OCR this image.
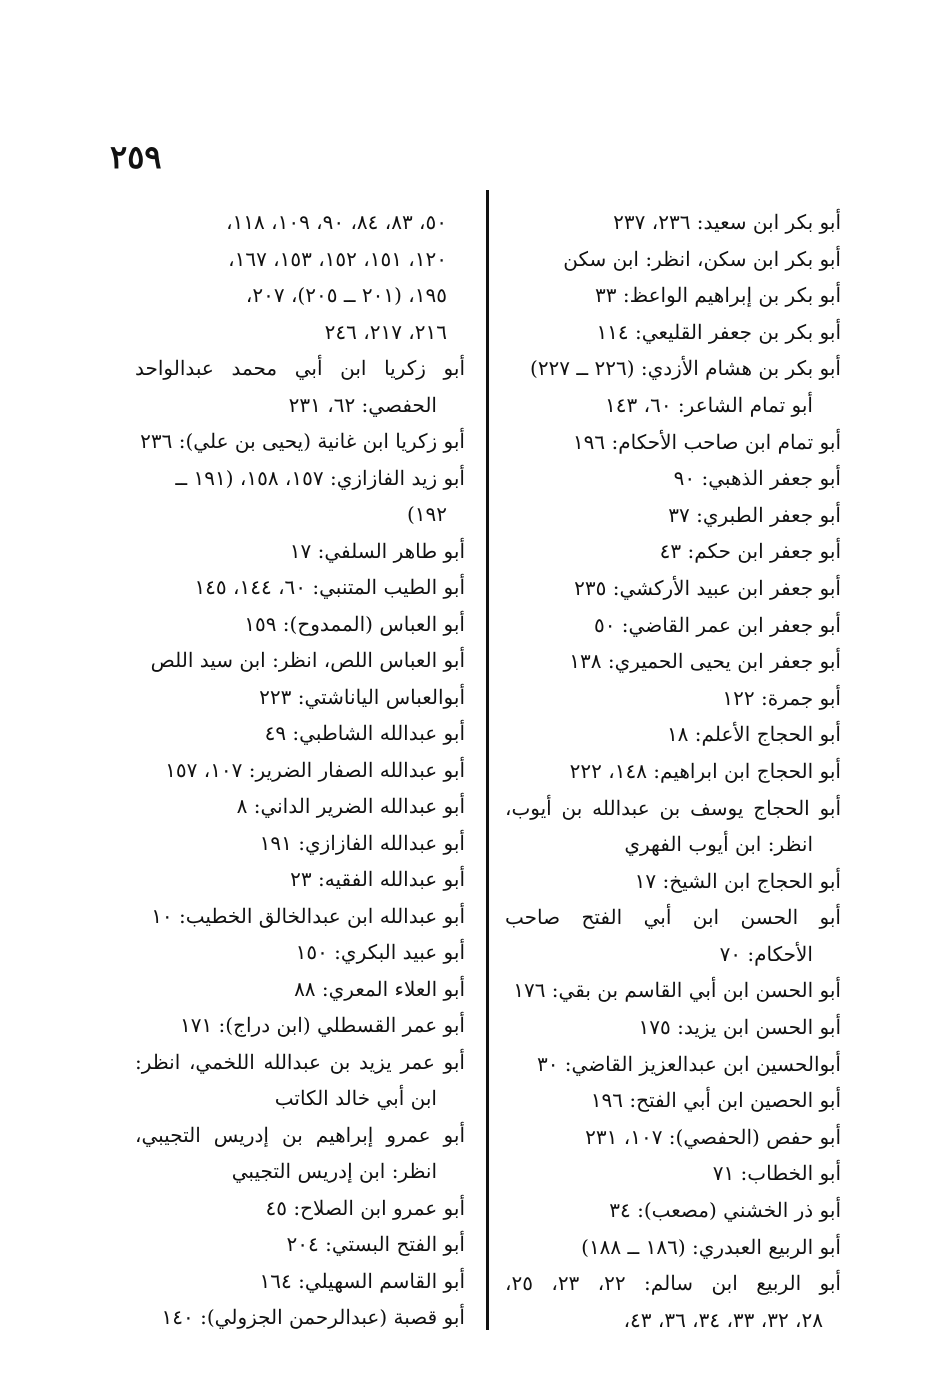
٢٥٩
أبو بكر ابن سعيد: ٢٣٦، ٢٣٧
أبو بكر ابن سكن، انظر: ابن سكن
أبو بكر بن إبراهيم الواعظ: ٣٣
أبو بكر بن جعفر القليعي: ١١٤
أبو بكر بن هشام الأزدي: (٢٢٦ ــ ٢٢٧)
أبو تمام الشاعر: ٦٠، ١٤٣
أبو تمام ابن صاحب الأحكام: ١٩٦
أبو جعفر الذهبي: ٩٠
أبو جعفر الطبري: ٣٧
أبو جعفر ابن حكم: ٤٣
أبو جعفر ابن عبيد الأركشي: ٢٣٥
أبو جعفر ابن عمر القاضي: ٥٠
أبو جعفر ابن يحيى الحميري: ١٣٨
أبو جمرة: ١٢٢
أبو الحجاج الأعلم: ١٨
أبو الحجاج ابن ابراهيم: ١٤٨، ٢٢٢
أبو الحجاج يوسف بن عبدالله بن أيوب،
انظر: ابن أيوب الفهري
أبو الحجاج ابن الشيخ: ١٧
أبو الحسن ابن أبي الفتح صاحب
الأحكام: ٧٠
أبو الحسن ابن أبي القاسم بن بقي: ١٧٦
أبو الحسن ابن يزيد: ١٧٥
أبوالحسين ابن عبدالعزيز القاضي: ٣٠
أبو الحصين ابن أبي الفتح: ١٩٦
أبو حفص (الحفصي): ١٠٧، ٢٣١
أبو الخطاب: ٧١
أبو ذر الخشني (مصعب): ٣٤
أبو الربيع العبدري: (١٨٦ ــ ١٨٨)
أبو الربيع ابن سالم: ٢٢، ٢٣، ٢٥،
٢٨، ٣٢، ٣٣، ٣٤، ٣٦، ٤٣،
٥٠، ٨٣، ٨٤، ٩٠، ١٠٩، ١١٨،
١٢٠، ١٥١، ١٥٢، ١٥٣، ١٦٧،
١٩٥، (٢٠١ ــ ٢٠٥)، ٢٠٧،
٢١٦، ٢١٧، ٢٤٦
أبو زكريا ابن أبي محمد عبدالواحد
الحفصي: ٦٢، ٢٣١
أبو زكريا ابن غانية (يحيى بن علي): ٢٣٦
أبو زيد الفازازي: ١٥٧، ١٥٨، (١٩١ ــ
١٩٢)
أبو طاهر السلفي: ١٧
أبو الطيب المتنبي: ٦٠، ١٤٤، ١٤٥
أبو العباس (الممدوح): ١٥٩
أبو العباس اللص، انظر: ابن سيد اللص
أبوالعباس الياناشتي: ٢٢٣
أبو عبدالله الشاطبي: ٤٩
أبو عبدالله الصفار الضرير: ١٠٧، ١٥٧
أبو عبدالله الضرير الداني: ٨
أبو عبدالله الفازازي: ١٩١
أبو عبدالله الفقيه: ٢٣
أبو عبدالله ابن عبدالخالق الخطيب: ١٠
أبو عبيد البكري: ١٥٠
أبو العلاء المعري: ٨٨
أبو عمر القسطلي (ابن دراج): ١٧١
أبو عمر يزيد بن عبدالله اللخمي، انظر:
ابن أبي خالد الكاتب
أبو عمرو إبراهيم بن إدريس التجيبي،
انظر: ابن إدريس التجيبي
أبو عمرو ابن الصلاح: ٤٥
أبو الفتح البستي: ٢٠٤
أبو القاسم السهيلي: ١٦٤
أبو قصبة (عبدالرحمن الجزولي): ١٤٠
